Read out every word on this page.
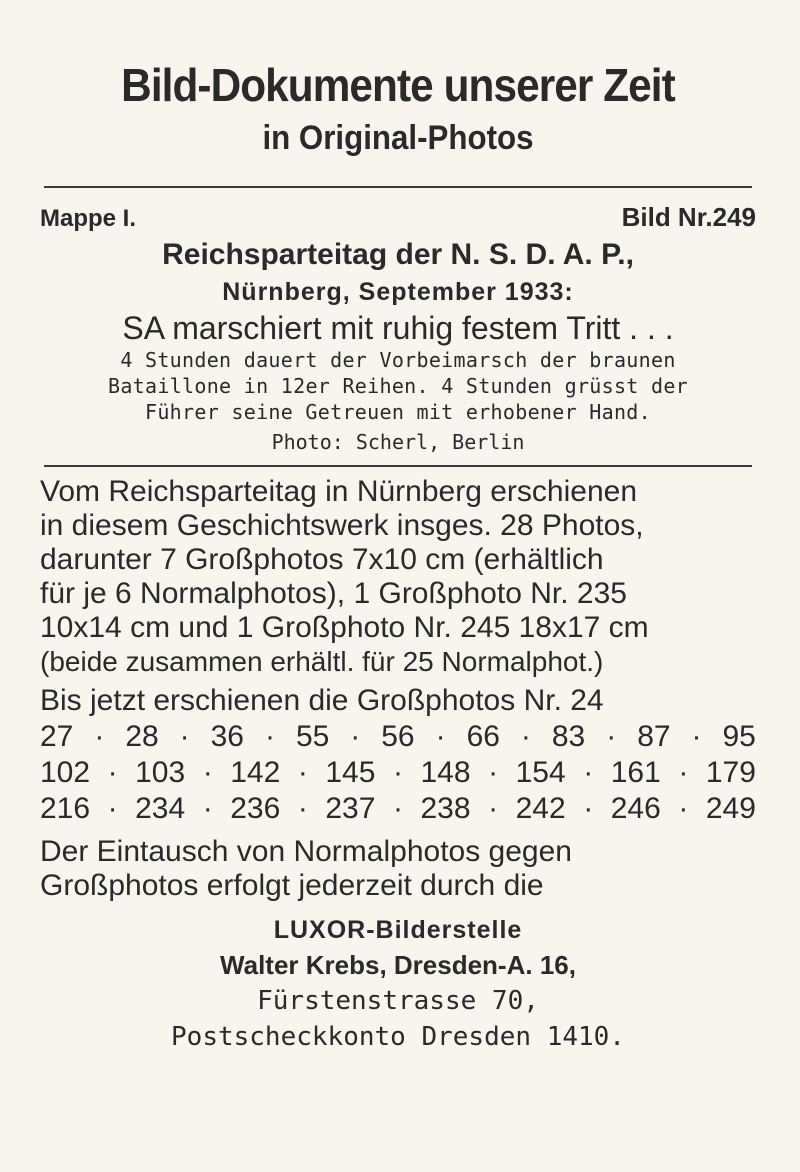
Bild-Dokumente unserer Zeit
in Original-Photos
Mappe I.	Bild Nr.249
Reichsparteitag der N. S. D. A. P.,
Nürnberg, September 1933:
SA marschiert mit ruhig festem Tritt . . .
4 Stunden dauert der Vorbeimarsch der braunen
Bataillone in 12er Reihen. 4 Stunden grüsst der
Führer seine Getreuen mit erhobener Hand.
Photo: Scherl, Berlin
Vom Reichsparteitag in Nürnberg erschienen
in diesem Geschichtswerk insges. 28 Photos,
darunter 7 Großphotos 7x10 cm (erhältlich
für je 6 Normalphotos), 1 Großphoto Nr. 235
10x14 cm und 1 Großphoto Nr. 245 18x17 cm
(beide zusammen erhältl. für 25 Normalphot.)
Bis jetzt erschienen die Großphotos Nr. 24
27 · 28 · 36 · 55 · 56 · 66 · 83 · 87 · 95
102 · 103 · 142 · 145 · 148 · 154 · 161 · 179
216 · 234 · 236 · 237 · 238 · 242 · 246 · 249
Der Eintausch von Normalphotos gegen
Großphotos erfolgt jederzeit durch die
LUXOR-Bilderstelle
Walter Krebs, Dresden-A. 16,
Fürstenstrasse 70,
Postscheckkonto Dresden 1410.
